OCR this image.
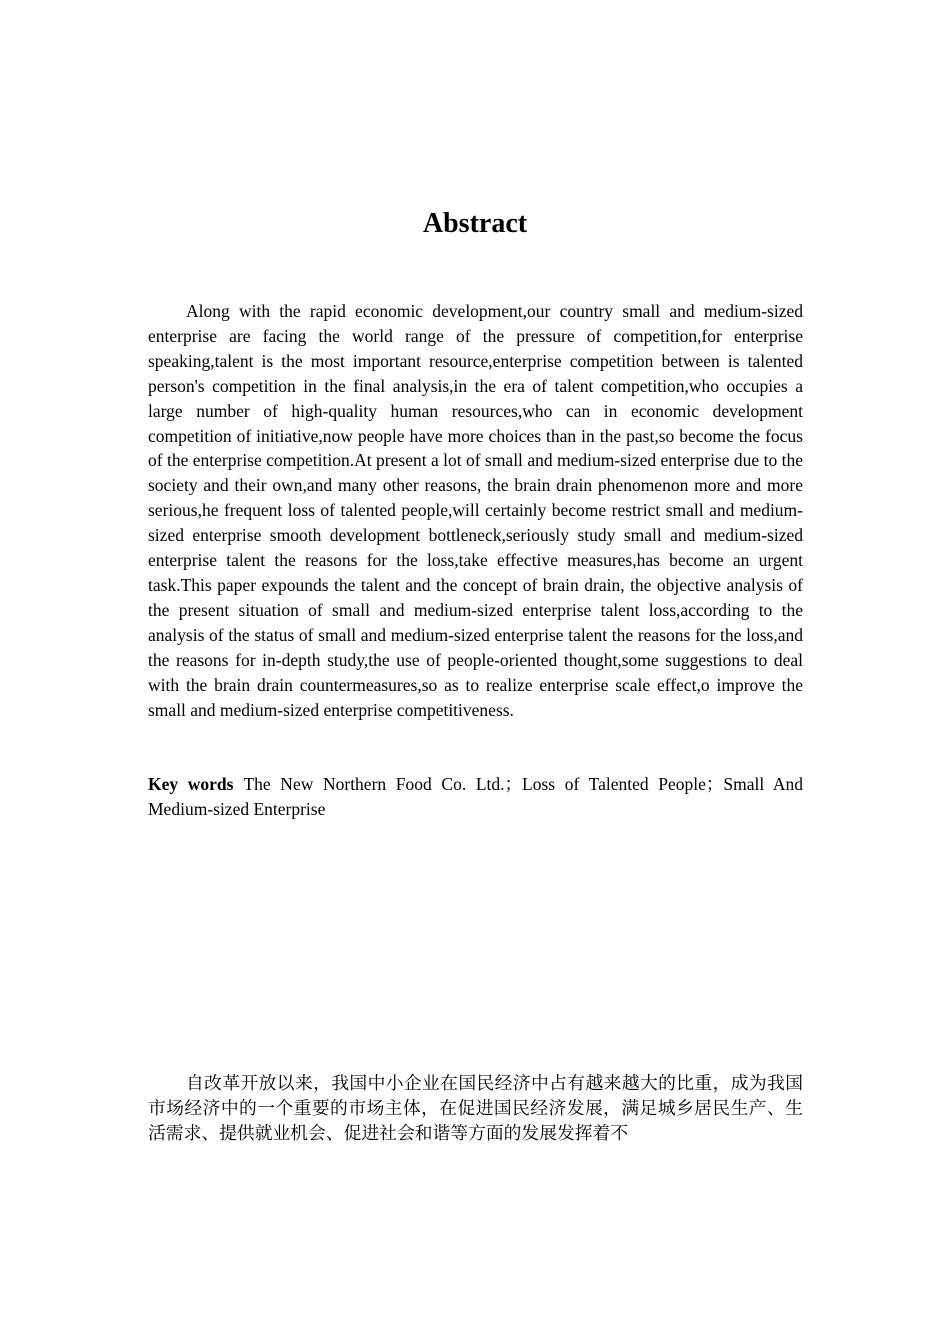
Abstract

Along with the rapid economic development,our country small and medium-sized enterprise are facing the world range of the pressure of competition,for enterprise speaking,talent is the most important resource,enterprise competition between is talented person's competition in the final analysis,in the era of talent competition,who occupies a large number of high-quality human resources,who can in economic development competition of initiative,now people have more choices than in the past,so become the focus of the enterprise competition.At present a lot of small and medium-sized enterprise due to the society and their own,and many other reasons, the brain drain phenomenon more and more serious,he frequent loss of talented people,will certainly become restrict small and medium-sized enterprise smooth development bottleneck,seriously study small and medium-sized enterprise talent the reasons for the loss,take effective measures,has become an urgent task.This paper expounds the talent and the concept of brain drain, the objective analysis of the present situation of small and medium-sized enterprise talent loss,according to the analysis of the status of small and medium-sized enterprise talent the reasons for the loss,and the reasons for in-depth study,the use of people-oriented thought,some suggestions to deal with the brain drain countermeasures,so as to realize enterprise scale effect,o improve the small and medium-sized enterprise competitiveness.

Key words The New Northern Food Co. Ltd.；Loss of Talented People；Small And Medium-sized Enterprise

自改革开放以来，我国中小企业在国民经济中占有越来越大的比重，成为我国市场经济中的一个重要的市场主体，在促进国民经济发展，满足城乡居民生产、生活需求、提供就业机会、促进社会和谐等方面的发展发挥着不
